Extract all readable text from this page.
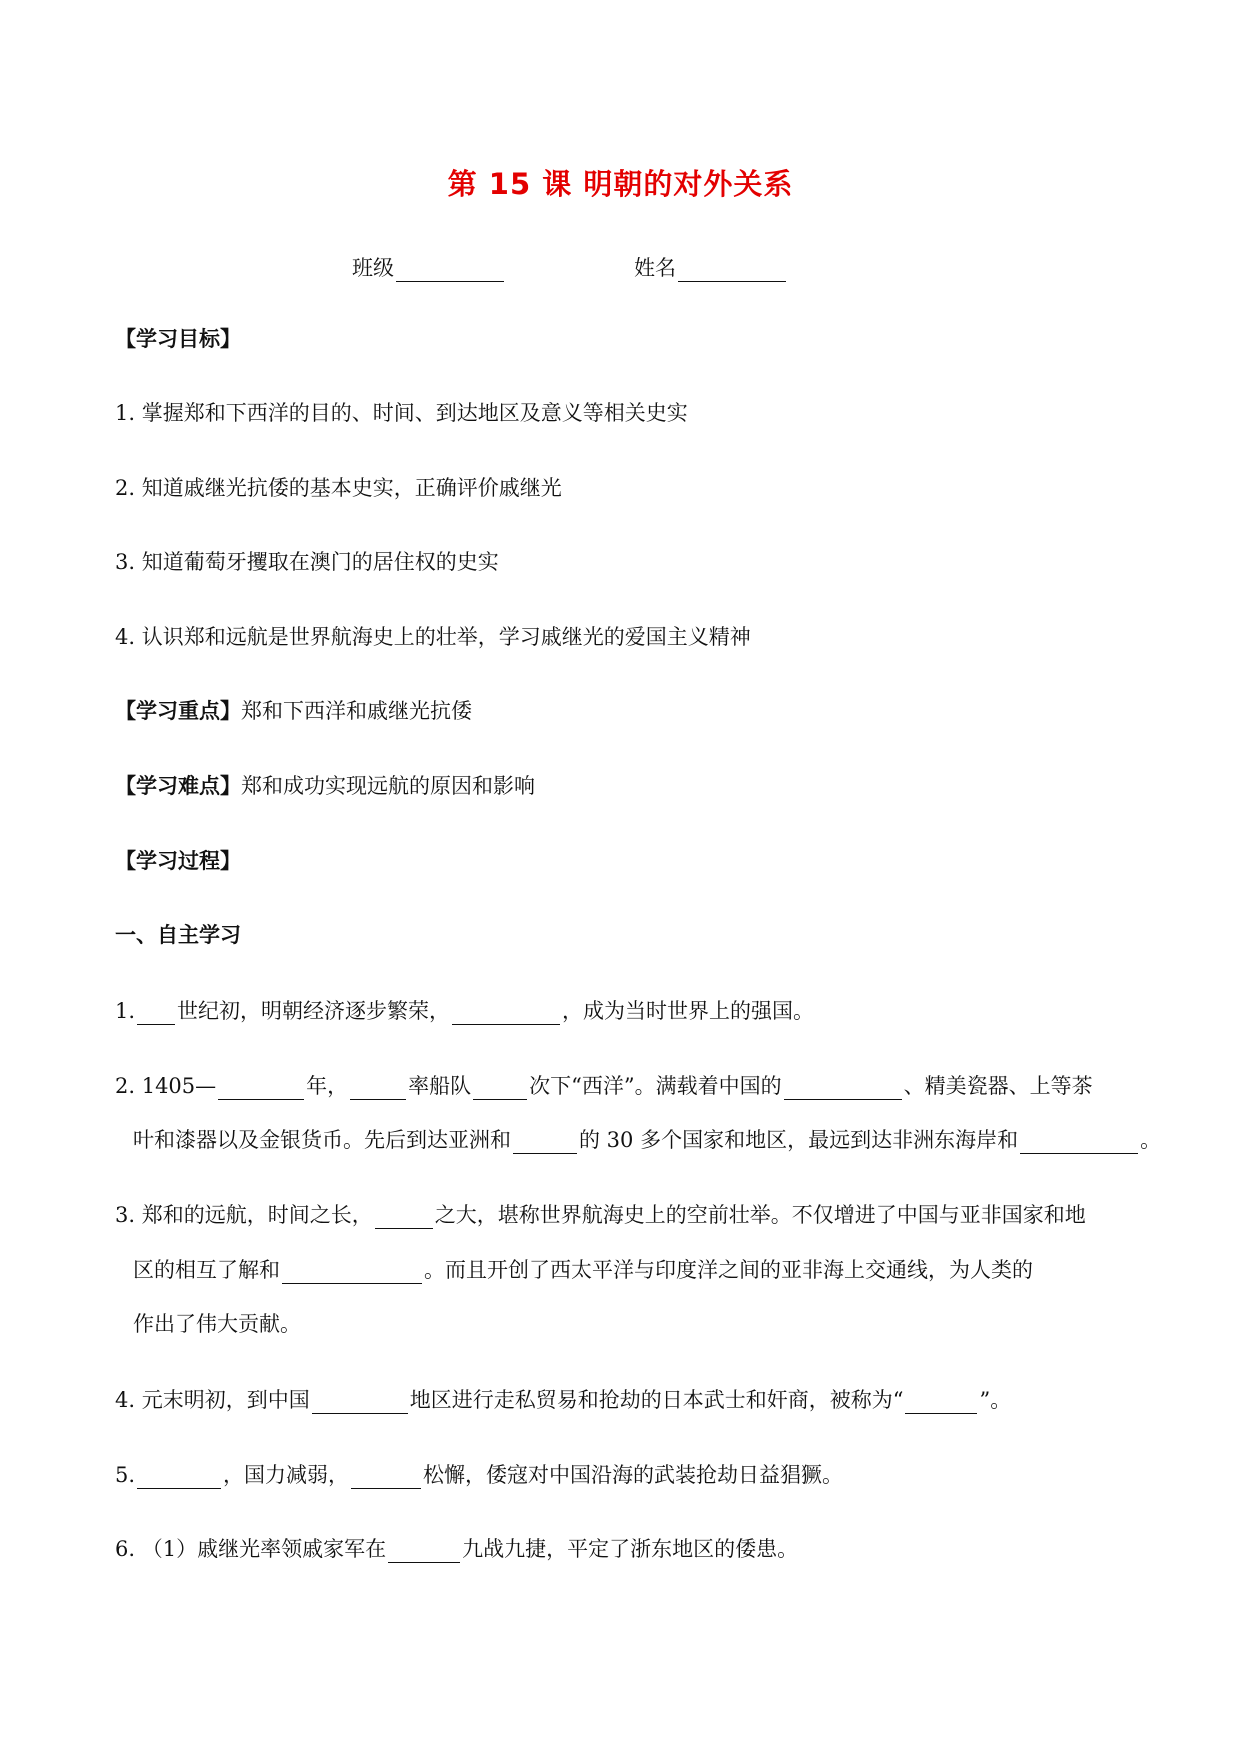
第 15 课 明朝的对外关系
班级	姓名
【学习目标】
1. 掌握郑和下西洋的目的、时间、到达地区及意义等相关史实
2. 知道戚继光抗倭的基本史实，正确评价戚继光
3. 知道葡萄牙攫取在澳门的居住权的史实
4. 认识郑和远航是世界航海史上的壮举，学习戚继光的爱国主义精神
【学习重点】郑和下西洋和戚继光抗倭
【学习难点】郑和成功实现远航的原因和影响
【学习过程】
一、自主学习
1. 世纪初，明朝经济逐步繁荣，	，成为当时世界上的强国。
2. 1405—	年，	率船队	次下“西洋”。满载着中国的	、精美瓷器、上等茶
叶和漆器以及金银货币。先后到达亚洲和	的 30 多个国家和地区，最远到达非洲东海岸和	。
3. 郑和的远航，时间之长，	之大，堪称世界航海史上的空前壮举。不仅增进了中国与亚非国家和地
区的相互了解和	。而且开创了西太平洋与印度洋之间的亚非海上交通线，为人类的
作出了伟大贡献。
4. 元末明初，到中国	地区进行走私贸易和抢劫的日本武士和奸商，被称为“	”。
5.	，国力减弱，	松懈，倭寇对中国沿海的武装抢劫日益猖獗。
6. （1）戚继光率领戚家军在	九战九捷，平定了浙东地区的倭患。
